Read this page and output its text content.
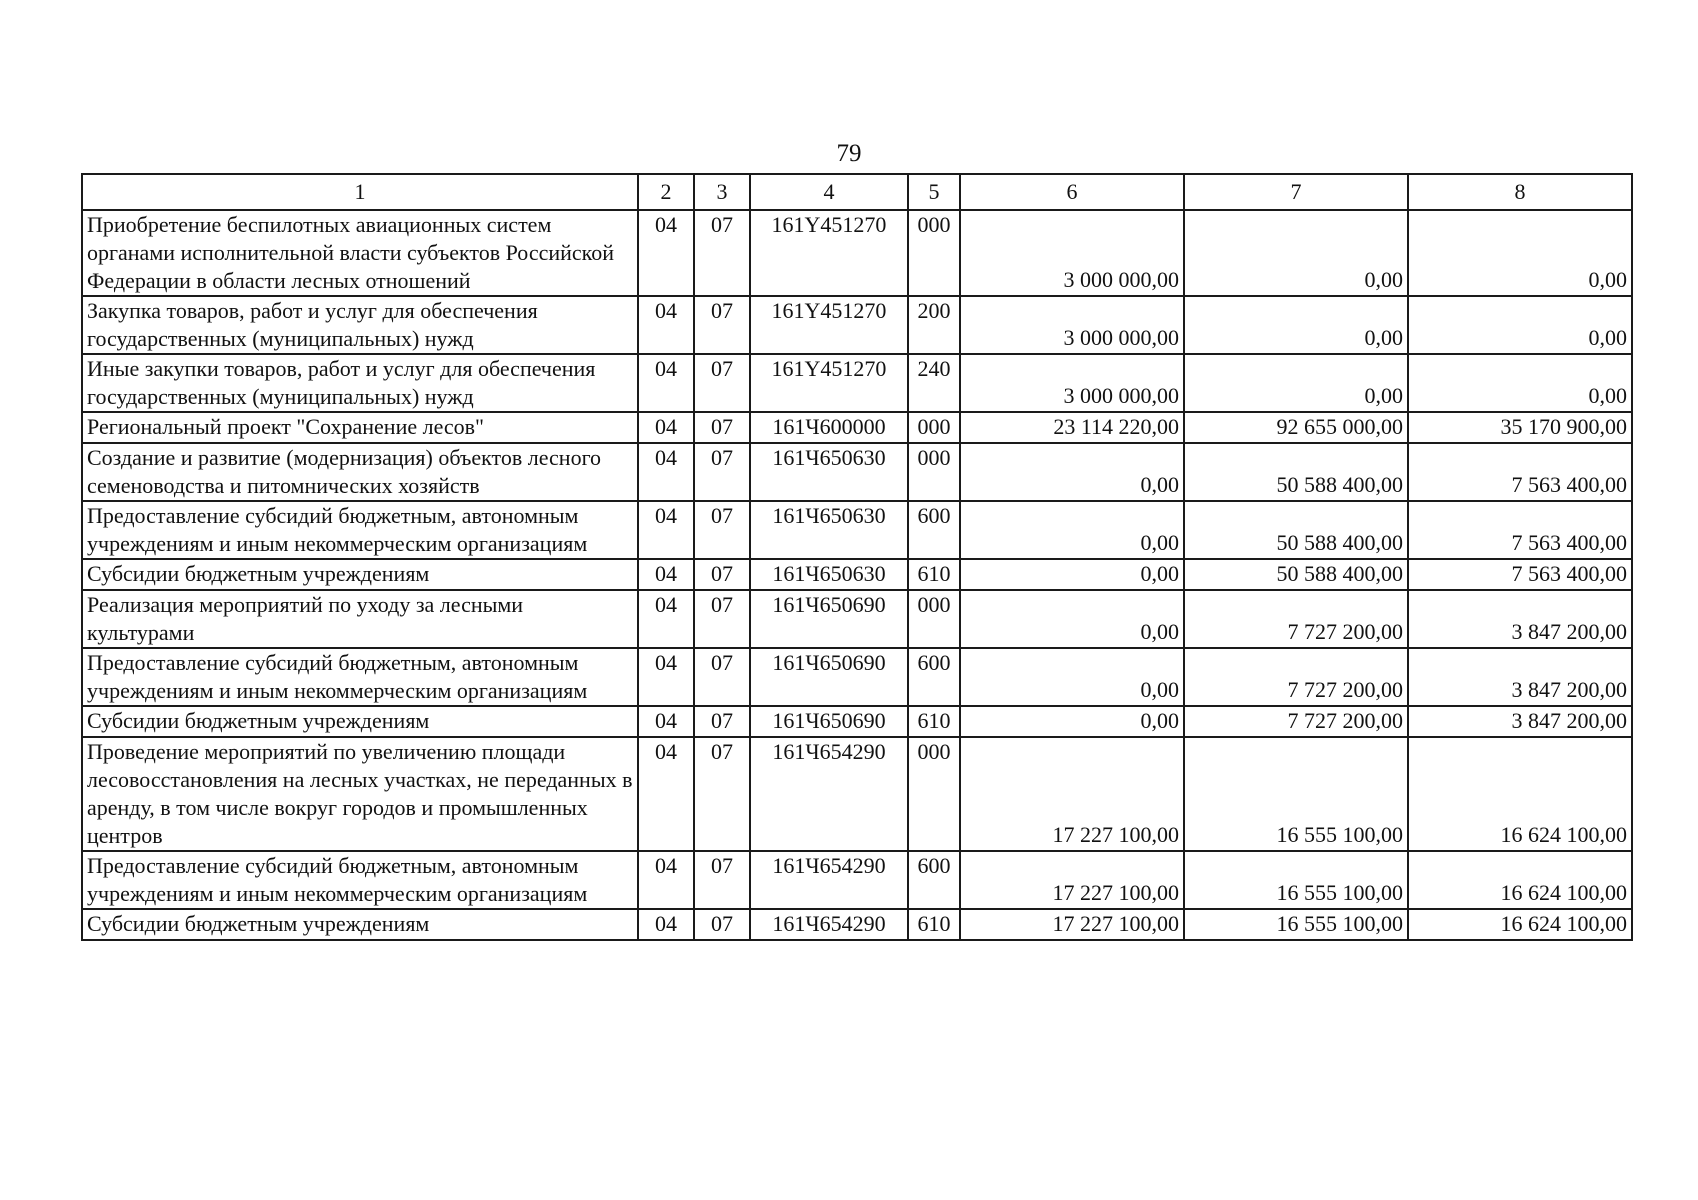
79
1	2	3	4	5	6	7	8
Приобретение беспилотных авиационных систем органами исполнительной власти субъектов Российской Федерации в области лесных отношений	04	07	161Y451270	000	3 000 000,00	0,00	0,00
Закупка товаров, работ и услуг для обеспечения государственных (муниципальных) нужд	04	07	161Y451270	200	3 000 000,00	0,00	0,00
Иные закупки товаров, работ и услуг для обеспечения государственных (муниципальных) нужд	04	07	161Y451270	240	3 000 000,00	0,00	0,00
Региональный проект "Сохранение лесов"	04	07	161Ч600000	000	23 114 220,00	92 655 000,00	35 170 900,00
Создание и развитие (модернизация) объектов лесного семеноводства и питомнических хозяйств	04	07	161Ч650630	000	0,00	50 588 400,00	7 563 400,00
Предоставление субсидий бюджетным, автономным учреждениям и иным некоммерческим организациям	04	07	161Ч650630	600	0,00	50 588 400,00	7 563 400,00
Субсидии бюджетным учреждениям	04	07	161Ч650630	610	0,00	50 588 400,00	7 563 400,00
Реализация мероприятий по уходу за лесными культурами	04	07	161Ч650690	000	0,00	7 727 200,00	3 847 200,00
Предоставление субсидий бюджетным, автономным учреждениям и иным некоммерческим организациям	04	07	161Ч650690	600	0,00	7 727 200,00	3 847 200,00
Субсидии бюджетным учреждениям	04	07	161Ч650690	610	0,00	7 727 200,00	3 847 200,00
Проведение мероприятий по увеличению площади лесовосстановления на лесных участках, не переданных в аренду, в том числе вокруг городов и промышленных центров	04	07	161Ч654290	000	17 227 100,00	16 555 100,00	16 624 100,00
Предоставление субсидий бюджетным, автономным учреждениям и иным некоммерческим организациям	04	07	161Ч654290	600	17 227 100,00	16 555 100,00	16 624 100,00
Субсидии бюджетным учреждениям	04	07	161Ч654290	610	17 227 100,00	16 555 100,00	16 624 100,00
